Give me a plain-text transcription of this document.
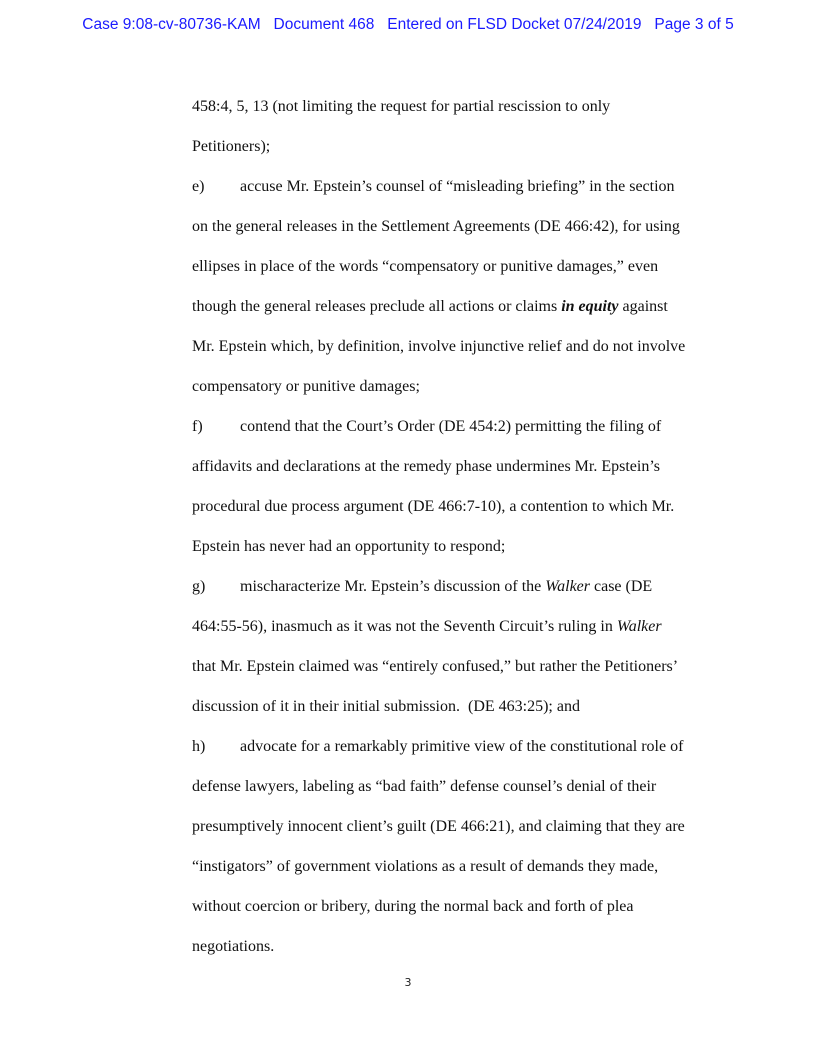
Case 9:08-cv-80736-KAM Document 468 Entered on FLSD Docket 07/24/2019 Page 3 of 5
458:4, 5, 13 (not limiting the request for partial rescission to only
Petitioners);
e) accuse Mr. Epstein’s counsel of “misleading briefing” in the section
on the general releases in the Settlement Agreements (DE 466:42), for using
ellipses in place of the words “compensatory or punitive damages,” even
though the general releases preclude all actions or claims in equity against
Mr. Epstein which, by definition, involve injunctive relief and do not involve
compensatory or punitive damages;
f) contend that the Court’s Order (DE 454:2) permitting the filing of
affidavits and declarations at the remedy phase undermines Mr. Epstein’s
procedural due process argument (DE 466:7-10), a contention to which Mr.
Epstein has never had an opportunity to respond;
g) mischaracterize Mr. Epstein’s discussion of the Walker case (DE
464:55-56), inasmuch as it was not the Seventh Circuit’s ruling in Walker
that Mr. Epstein claimed was “entirely confused,” but rather the Petitioners’
discussion of it in their initial submission.  (DE 463:25); and
h) advocate for a remarkably primitive view of the constitutional role of
defense lawyers, labeling as “bad faith” defense counsel’s denial of their
presumptively innocent client’s guilt (DE 466:21), and claiming that they are
“instigators” of government violations as a result of demands they made,
without coercion or bribery, during the normal back and forth of plea
negotiations.
3
